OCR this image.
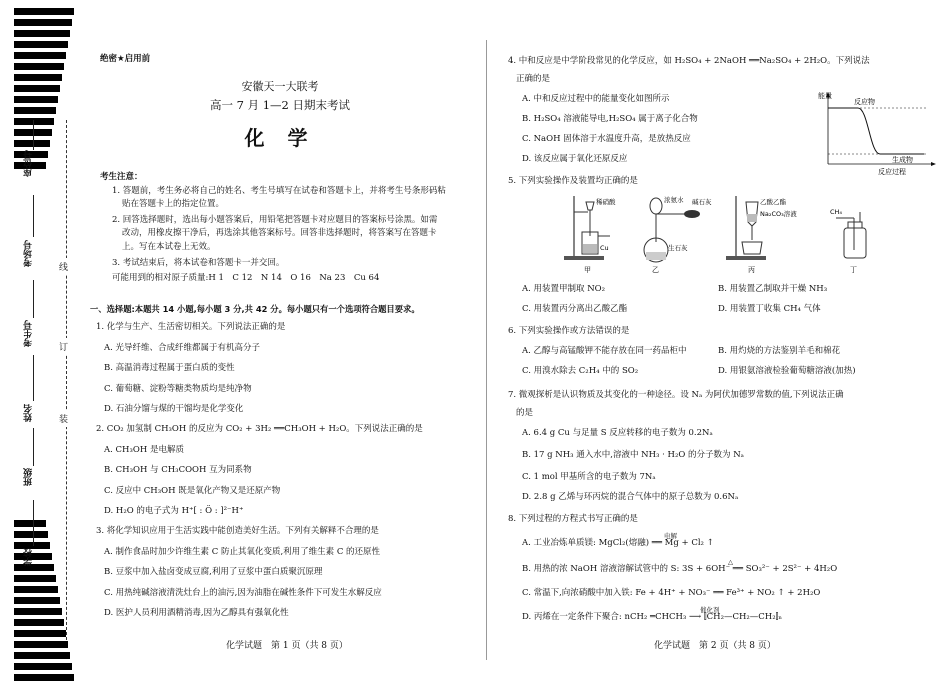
座位号
考场号
考生号
姓名
班级
学校
线
订
装
绝密★启用前
安徽天一大联考
高一 7 月 1—2 日期末考试
化 学
考生注意：
1. 答题前，考生务必将自己的姓名、考生号填写在试卷和答题卡上，并将考生号条形码粘
贴在答题卡上的指定位置。
2. 回答选择题时，选出每小题答案后，用铅笔把答题卡对应题目的答案标号涂黑。如需
改动，用橡皮擦干净后，再选涂其他答案标号。回答非选择题时，将答案写在答题卡
上。写在本试卷上无效。
3. 考试结束后，将本试卷和答题卡一并交回。
可能用到的相对原子质量:H 1　C 12　N 14　O 16　Na 23　Cu 64
一、选择题:本题共 14 小题,每小题 3 分,共 42 分。每小题只有一个选项符合题目要求。
1. 化学与生产、生活密切相关。下列说法正确的是
A. 光导纤维、合成纤维都属于有机高分子
B. 高温消毒过程属于蛋白质的变性
C. 葡萄糖、淀粉等糖类物质均是纯净物
D. 石油分馏与煤的干馏均是化学变化
2. CO₂ 加氢制 CH₃OH 的反应为 CO₂ + 3H₂ ══CH₃OH + H₂O。下列说法正确的是
A. CH₃OH 是电解质
B. CH₃OH 与 CH₃COOH 互为同系物
C. 反应中 CH₃OH 既是氧化产物又是还原产物
D. H₂O 的电子式为 H⁺[ : Ö : ]²⁻H⁺
3. 将化学知识应用于生活实践中能创造美好生活。下列有关解释不合理的是
A. 制作食品时加少许维生素 C 防止其氧化变质,利用了维生素 C 的还原性
B. 豆浆中加入盐卤变成豆腐,利用了豆浆中蛋白质聚沉原理
C. 用热纯碱溶液清洗灶台上的油污,因为油脂在碱性条件下可发生水解反应
D. 医护人员利用酒精消毒,因为乙醇具有强氧化性
化学试题　第 1 页（共 8 页）
4. 中和反应是中学阶段常见的化学反应，如 H₂SO₄ + 2NaOH ══Na₂SO₄ + 2H₂O。下列说法
正确的是
A. 中和反应过程中的能量变化如图所示
B. H₂SO₄ 溶液能导电,H₂SO₄ 属于离子化合物
C. NaOH 固体溶于水温度升高，是放热反应
D. 该反应属于氧化还原反应
5. 下列实验操作及装置均正确的是
A. 用装置甲制取 NO₂	B. 用装置乙制取并干燥 NH₃
C. 用装置丙分离出乙酸乙酯	D. 用装置丁收集 CH₄ 气体
6. 下列实验操作或方法错误的是
A. 乙醇与高锰酸钾不能存放在同一药品柜中	B. 用灼烧的方法鉴别羊毛和棉花
C. 用溴水除去 C₂H₄ 中的 SO₂	D. 用银氨溶液检验葡萄糖溶液(加热)
7. 微观探析是认识物质及其变化的一种途径。设 Nₐ 为阿伏加德罗常数的值,下列说法正确
的是
A. 6.4 g Cu 与足量 S 反应转移的电子数为 0.2Nₐ
B. 17 g NH₃ 通入水中,溶液中 NH₃ · H₂O 的分子数为 Nₐ
C. 1 mol 甲基所含的电子数为 7Nₐ
D. 2.8 g 乙烯与环丙烷的混合气体中的原子总数为 0.6Nₐ
8. 下列过程的方程式书写正确的是
A. 工业冶炼单质镁: MgCl₂(熔融) ══ Mg + Cl₂ ↑
B. 用热的浓 NaOH 溶液溶解试管中的 S: 3S + 6OH⁻ ══ SO₃²⁻ + 2S²⁻ + 4H₂O
C. 常温下,向浓硝酸中加入铁: Fe + 4H⁺ + NO₃⁻ ══ Fe³⁺ + NO₂ ↑ + 2H₂O
D. 丙烯在一定条件下聚合: nCH₂ ═CHCH₃ ⟶ ⫿CH₂—CH₂—CH₂⫿ₙ
电解
△
催化剂
能量
反应物
生成物
反应过程
稀硝酸
Cu
甲
浓氨水 碱石灰
生石灰
乙
乙酸乙酯
Na₂CO₃溶液
丙
CH₄
丁
化学试题　第 2 页（共 8 页）
